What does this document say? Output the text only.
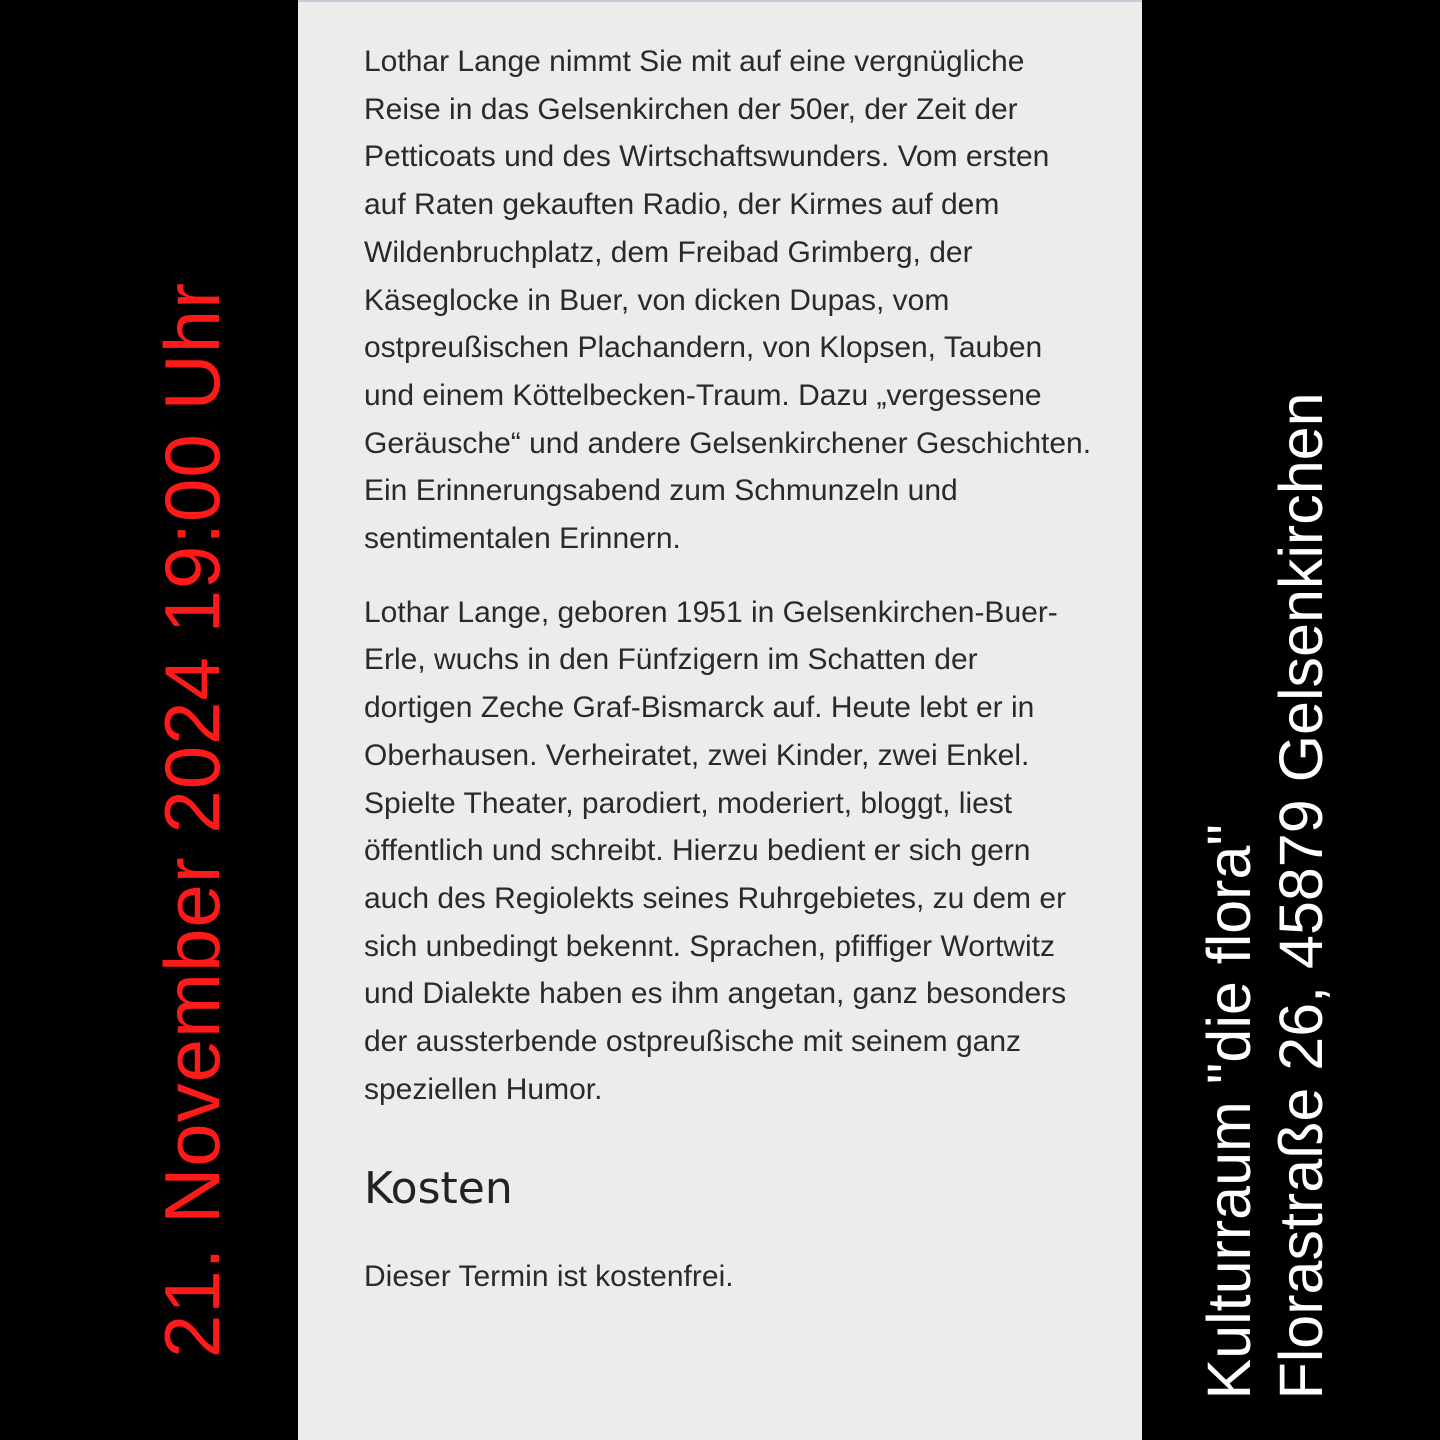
21. November 2024 19:00 Uhr

Lothar Lange nimmt Sie mit auf eine vergnügliche Reise in das Gelsenkirchen der 50er, der Zeit der Petticoats und des Wirtschaftswunders. Vom ersten auf Raten gekauften Radio, der Kirmes auf dem Wildenbruchplatz, dem Freibad Grimberg, der Käseglocke in Buer, von dicken Dupas, vom ostpreußischen Plachandern, von Klopsen, Tauben und einem Köttelbecken-Traum. Dazu „vergessene Geräusche“ und andere Gelsenkirchener Geschichten. Ein Erinnerungsabend zum Schmunzeln und sentimentalen Erinnern.

Lothar Lange, geboren 1951 in Gelsenkirchen-Buer-Erle, wuchs in den Fünfzigern im Schatten der dortigen Zeche Graf-Bismarck auf. Heute lebt er in Oberhausen. Verheiratet, zwei Kinder, zwei Enkel. Spielte Theater, parodiert, moderiert, bloggt, liest öffentlich und schreibt. Hierzu bedient er sich gern auch des Regiolekts seines Ruhrgebietes, zu dem er sich unbedingt bekennt. Sprachen, pfiffiger Wortwitz und Dialekte haben es ihm angetan, ganz besonders der aussterbende ostpreußische mit seinem ganz speziellen Humor.

Kosten

Dieser Termin ist kostenfrei.	Kulturraum "die flora" Florastraße 26, 45879 Gelsenkirchen
